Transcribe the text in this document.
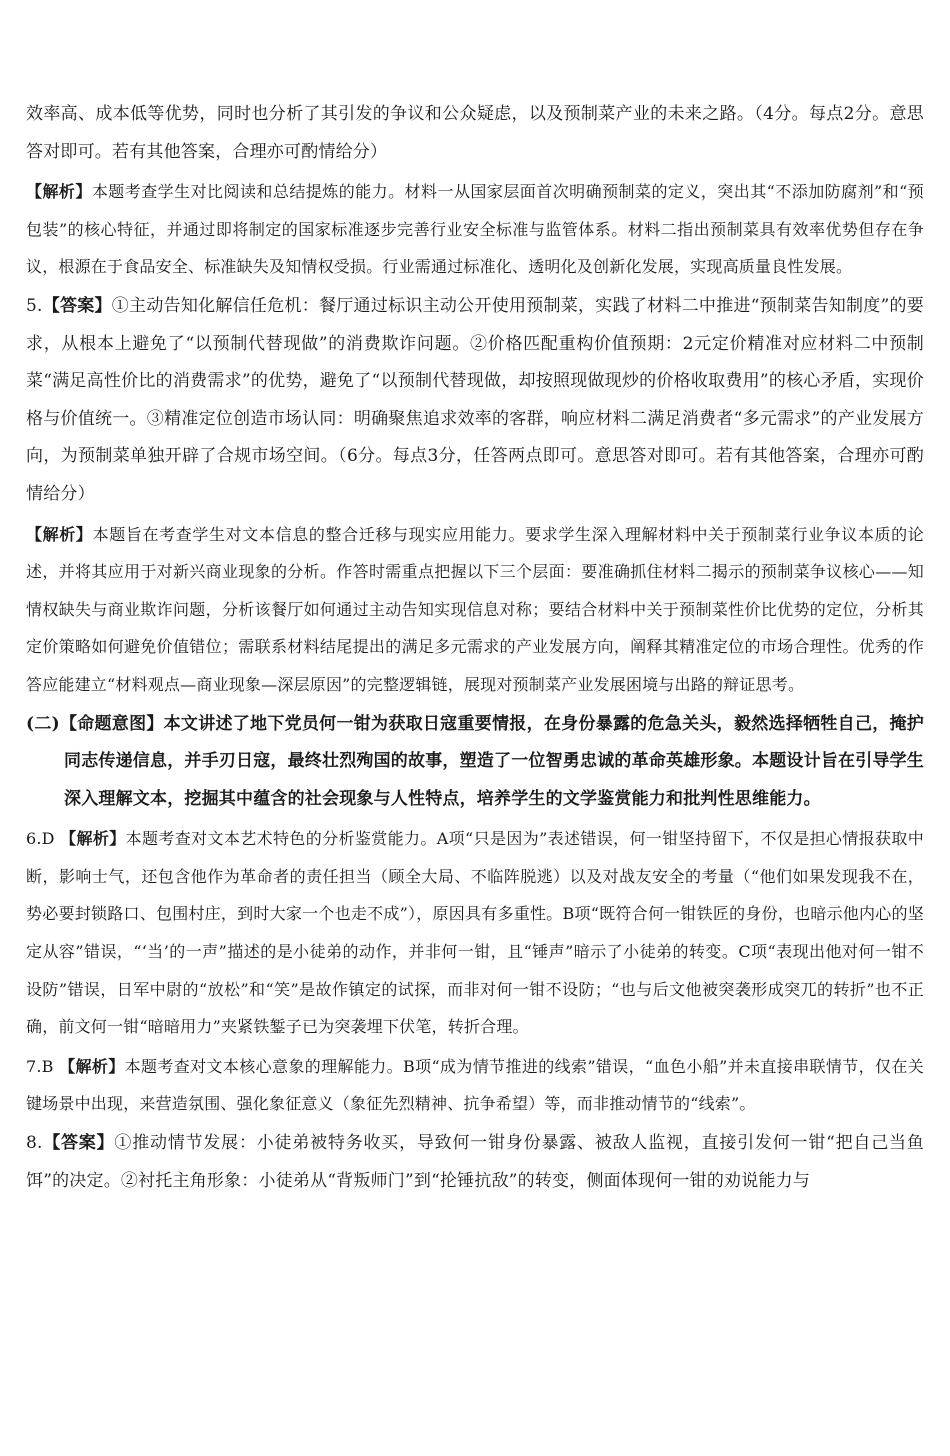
效率高、成本低等优势，同时也分析了其引发的争议和公众疑虑，以及预制菜产业的未来之路。（4分。每点2分。意思答对即可。若有其他答案，合理亦可酌情给分）

【解析】本题考查学生对比阅读和总结提炼的能力。材料一从国家层面首次明确预制菜的定义，突出其“不添加防腐剂”和“预包装”的核心特征，并通过即将制定的国家标准逐步完善行业安全标准与监管体系。材料二指出预制菜具有效率优势但存在争议，根源在于食品安全、标准缺失及知情权受损。行业需通过标准化、透明化及创新化发展，实现高质量良性发展。

5.【答案】①主动告知化解信任危机：餐厅通过标识主动公开使用预制菜，实践了材料二中推进“预制菜告知制度”的要求，从根本上避免了“以预制代替现做”的消费欺诈问题。②价格匹配重构价值预期：2元定价精准对应材料二中预制菜“满足高性价比的消费需求”的优势，避免了“以预制代替现做，却按照现做现炒的价格收取费用”的核心矛盾，实现价格与价值统一。③精准定位创造市场认同：明确聚焦追求效率的客群，响应材料二满足消费者“多元需求”的产业发展方向，为预制菜单独开辟了合规市场空间。（6分。每点3分，任答两点即可。意思答对即可。若有其他答案，合理亦可酌情给分）

【解析】本题旨在考查学生对文本信息的整合迁移与现实应用能力。要求学生深入理解材料中关于预制菜行业争议本质的论述，并将其应用于对新兴商业现象的分析。作答时需重点把握以下三个层面：要准确抓住材料二揭示的预制菜争议核心——知情权缺失与商业欺诈问题，分析该餐厅如何通过主动告知实现信息对称；要结合材料中关于预制菜性价比优势的定位，分析其定价策略如何避免价值错位；需联系材料结尾提出的满足多元需求的产业发展方向，阐释其精准定位的市场合理性。优秀的作答应能建立“材料观点—商业现象—深层原因”的完整逻辑链，展现对预制菜产业发展困境与出路的辩证思考。

(二)【命题意图】本文讲述了地下党员何一钳为获取日寇重要情报，在身份暴露的危急关头，毅然选择牺牲自己，掩护同志传递信息，并手刃日寇，最终壮烈殉国的故事，塑造了一位智勇忠诚的革命英雄形象。本题设计旨在引导学生深入理解文本，挖掘其中蕴含的社会现象与人性特点，培养学生的文学鉴赏能力和批判性思维能力。

6.D 【解析】本题考查对文本艺术特色的分析鉴赏能力。A项“只是因为”表述错误，何一钳坚持留下，不仅是担心情报获取中断，影响士气，还包含他作为革命者的责任担当（顾全大局、不临阵脱逃）以及对战友安全的考量（“他们如果发现我不在，势必要封锁路口、包围村庄，到时大家一个也走不成”），原因具有多重性。B项“既符合何一钳铁匠的身份，也暗示他内心的坚定从容”错误，“‘当’的一声”描述的是小徒弟的动作，并非何一钳，且“锤声”暗示了小徒弟的转变。C项“表现出他对何一钳不设防”错误，日军中尉的“放松”和“笑”是故作镇定的试探，而非对何一钳不设防；“也与后文他被突袭形成突兀的转折”也不正确，前文何一钳“暗暗用力”夹紧铁錾子已为突袭埋下伏笔，转折合理。

7.B 【解析】本题考查对文本核心意象的理解能力。B项“成为情节推进的线索”错误，“血色小船”并未直接串联情节，仅在关键场景中出现，来营造氛围、强化象征意义（象征先烈精神、抗争希望）等，而非推动情节的“线索”。

8.【答案】①推动情节发展：小徒弟被特务收买，导致何一钳身份暴露、被敌人监视，直接引发何一钳“把自己当鱼饵”的决定。②衬托主角形象：小徒弟从“背叛师门”到“抡锤抗敌”的转变，侧面体现何一钳的劝说能力与
